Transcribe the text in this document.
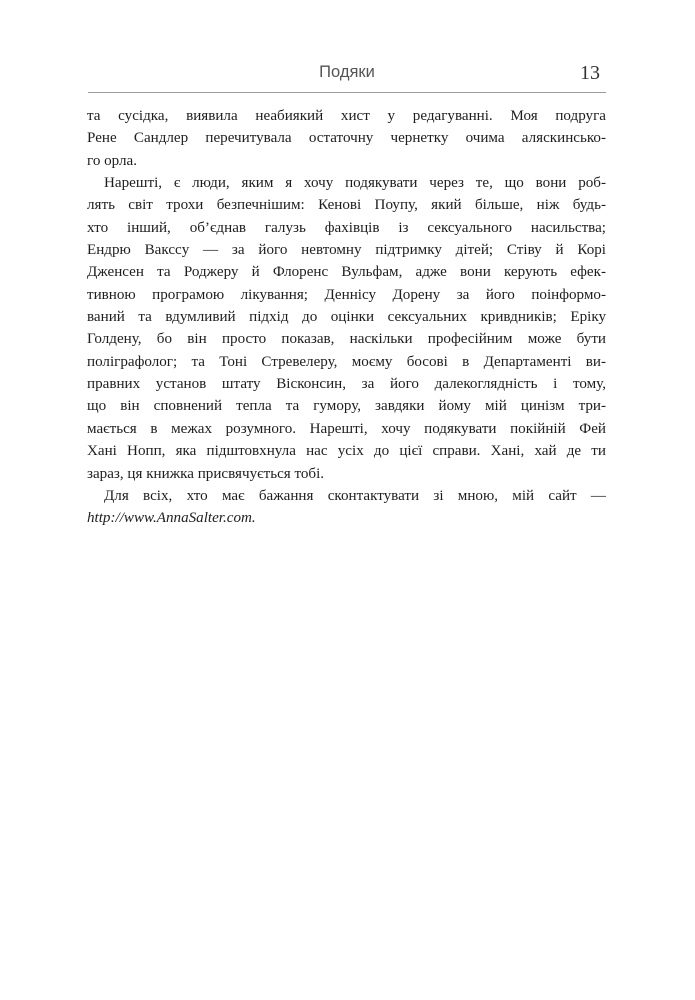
Подяки	13
та сусідка, виявила неабиякий хист у редагуванні. Моя подруга
Рене Сандлер перечитувала остаточну чернетку очима аляскинсько-
го орла.
Нарешті, є люди, яким я хочу подякувати через те, що вони роб-
лять світ трохи безпечнішим: Кенові Поупу, який більше, ніж будь-
хто інший, об’єднав галузь фахівців із сексуального насильства;
Ендрю Ваксcу — за його невтомну підтримку дітей; Стіву й Корі
Дженсен та Роджеру й Флоренс Вульфам, адже вони керують ефек-
тивною програмою лікування; Деннісу Дорену за його поінформо-
ваний та вдумливий підхід до оцінки сексуальних кривдників; Еріку
Голдену, бо він просто показав, наскільки професійним може бути
поліграфолог; та Тоні Стревелеру, моєму босові в Департаменті ви-
правних установ штату Вісконсин, за його далекоглядність і тому,
що він сповнений тепла та гумору, завдяки йому мій цинізм три-
мається в межах розумного. Нарешті, хочу подякувати покійній Фей
Хані Нопп, яка підштовхнула нас усіх до цієї справи. Хані, хай де ти
зараз, ця книжка присвячується тобі.
Для всіх, хто має бажання сконтактувати зі мною, мій сайт —
http://www.AnnaSalter.com.
